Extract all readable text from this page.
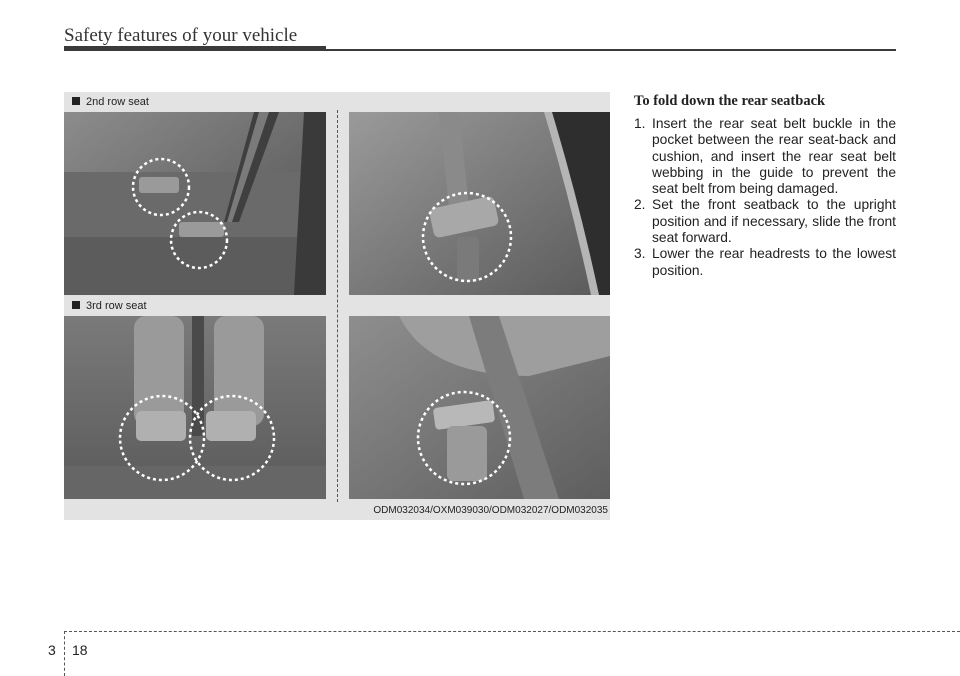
Safety features of your vehicle
2nd row seat
3rd row seat
ODM032034/OXM039030/ODM032027/ODM032035
To fold down the rear seatback
1. Insert the rear seat belt buckle in the pocket between the rear seat-back and cushion, and insert the rear seat belt webbing in the guide to prevent the seat belt from being damaged.
2. Set the front seatback to the upright position and if necessary, slide the front seat forward.
3. Lower the rear headrests to the lowest position.
3 18
